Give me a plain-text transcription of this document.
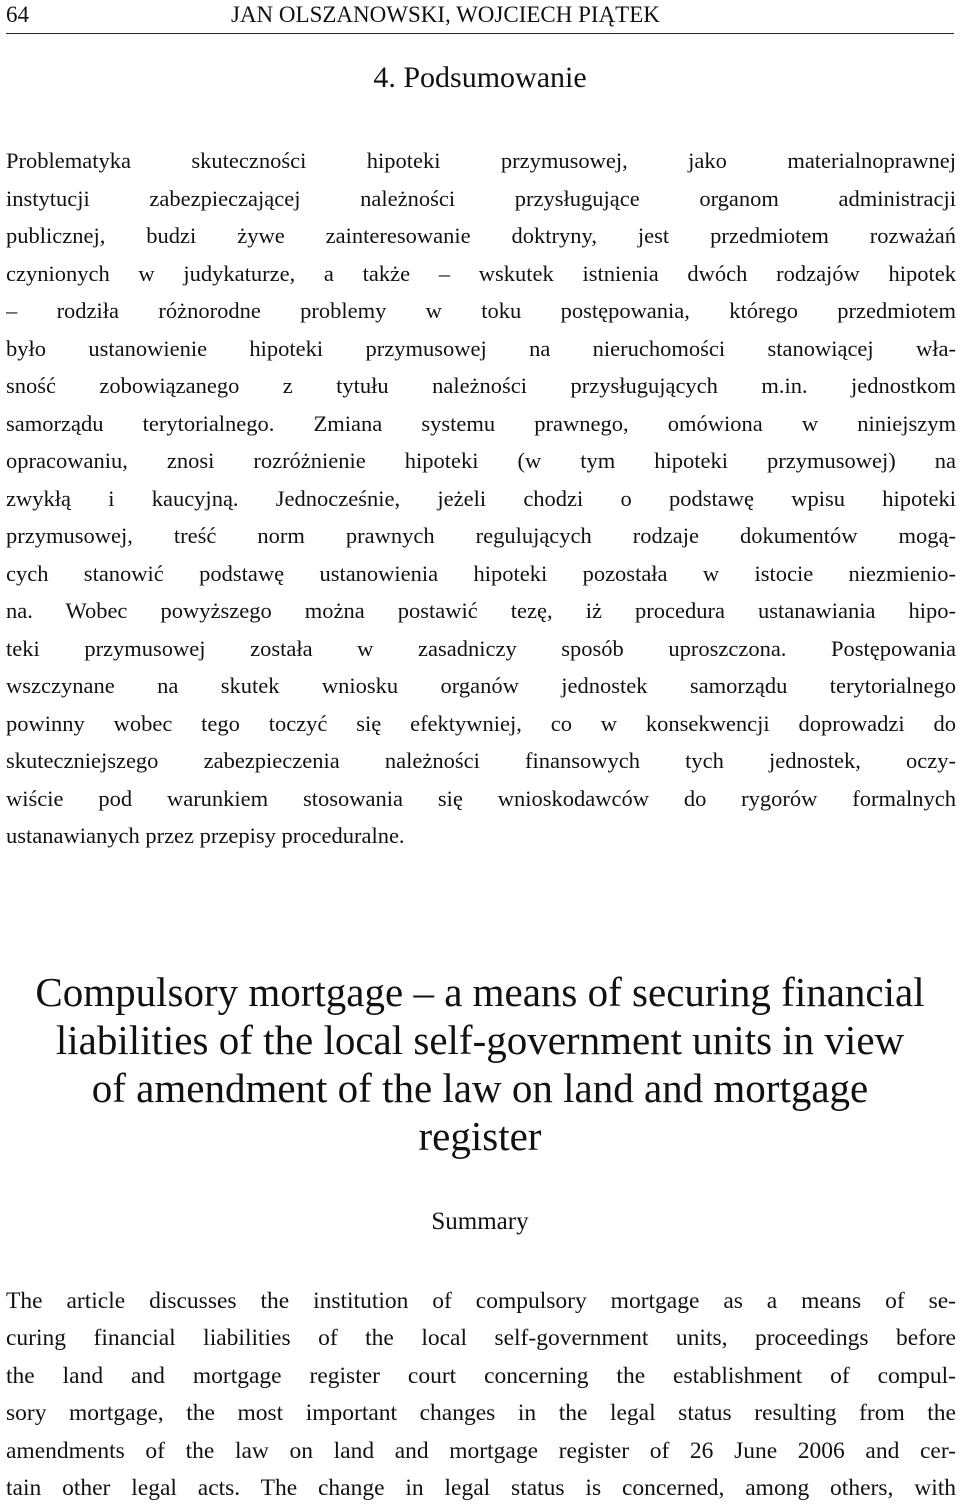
64	JAN OLSZANOWSKI, WOJCIECH PIĄTEK
4. Podsumowanie
Problematyka skuteczności hipoteki przymusowej, jako materialnoprawnej
instytucji zabezpieczającej należności przysługujące organom administracji
publicznej, budzi żywe zainteresowanie doktryny, jest przedmiotem rozważań
czynionych w judykaturze, a także – wskutek istnienia dwóch rodzajów hipotek
– rodziła różnorodne problemy w toku postępowania, którego przedmiotem
było ustanowienie hipoteki przymusowej na nieruchomości stanowiącej wła-
sność zobowiązanego z tytułu należności przysługujących m.in. jednostkom
samorządu terytorialnego. Zmiana systemu prawnego, omówiona w niniejszym
opracowaniu, znosi rozróżnienie hipoteki (w tym hipoteki przymusowej) na
zwykłą i kaucyjną. Jednocześnie, jeżeli chodzi o podstawę wpisu hipoteki
przymusowej, treść norm prawnych regulujących rodzaje dokumentów mogą-
cych stanowić podstawę ustanowienia hipoteki pozostała w istocie niezmienio-
na. Wobec powyższego można postawić tezę, iż procedura ustanawiania hipo-
teki przymusowej została w zasadniczy sposób uproszczona. Postępowania
wszczynane na skutek wniosku organów jednostek samorządu terytorialnego
powinny wobec tego toczyć się efektywniej, co w konsekwencji doprowadzi do
skuteczniejszego zabezpieczenia należności finansowych tych jednostek, oczy-
wiście pod warunkiem stosowania się wnioskodawców do rygorów formalnych
ustanawianych przez przepisy proceduralne.
Compulsory mortgage – a means of securing financial
liabilities of the local self-government units in view
of amendment of the law on land and mortgage
register
Summary
The article discusses the institution of compulsory mortgage as a means of se-
curing financial liabilities of the local self-government units, proceedings before
the land and mortgage register court concerning the establishment of compul-
sory mortgage, the most important changes in the legal status resulting from the
amendments of the law on land and mortgage register of 26 June 2006 and cer-
tain other legal acts. The change in legal status is concerned, among others, with
